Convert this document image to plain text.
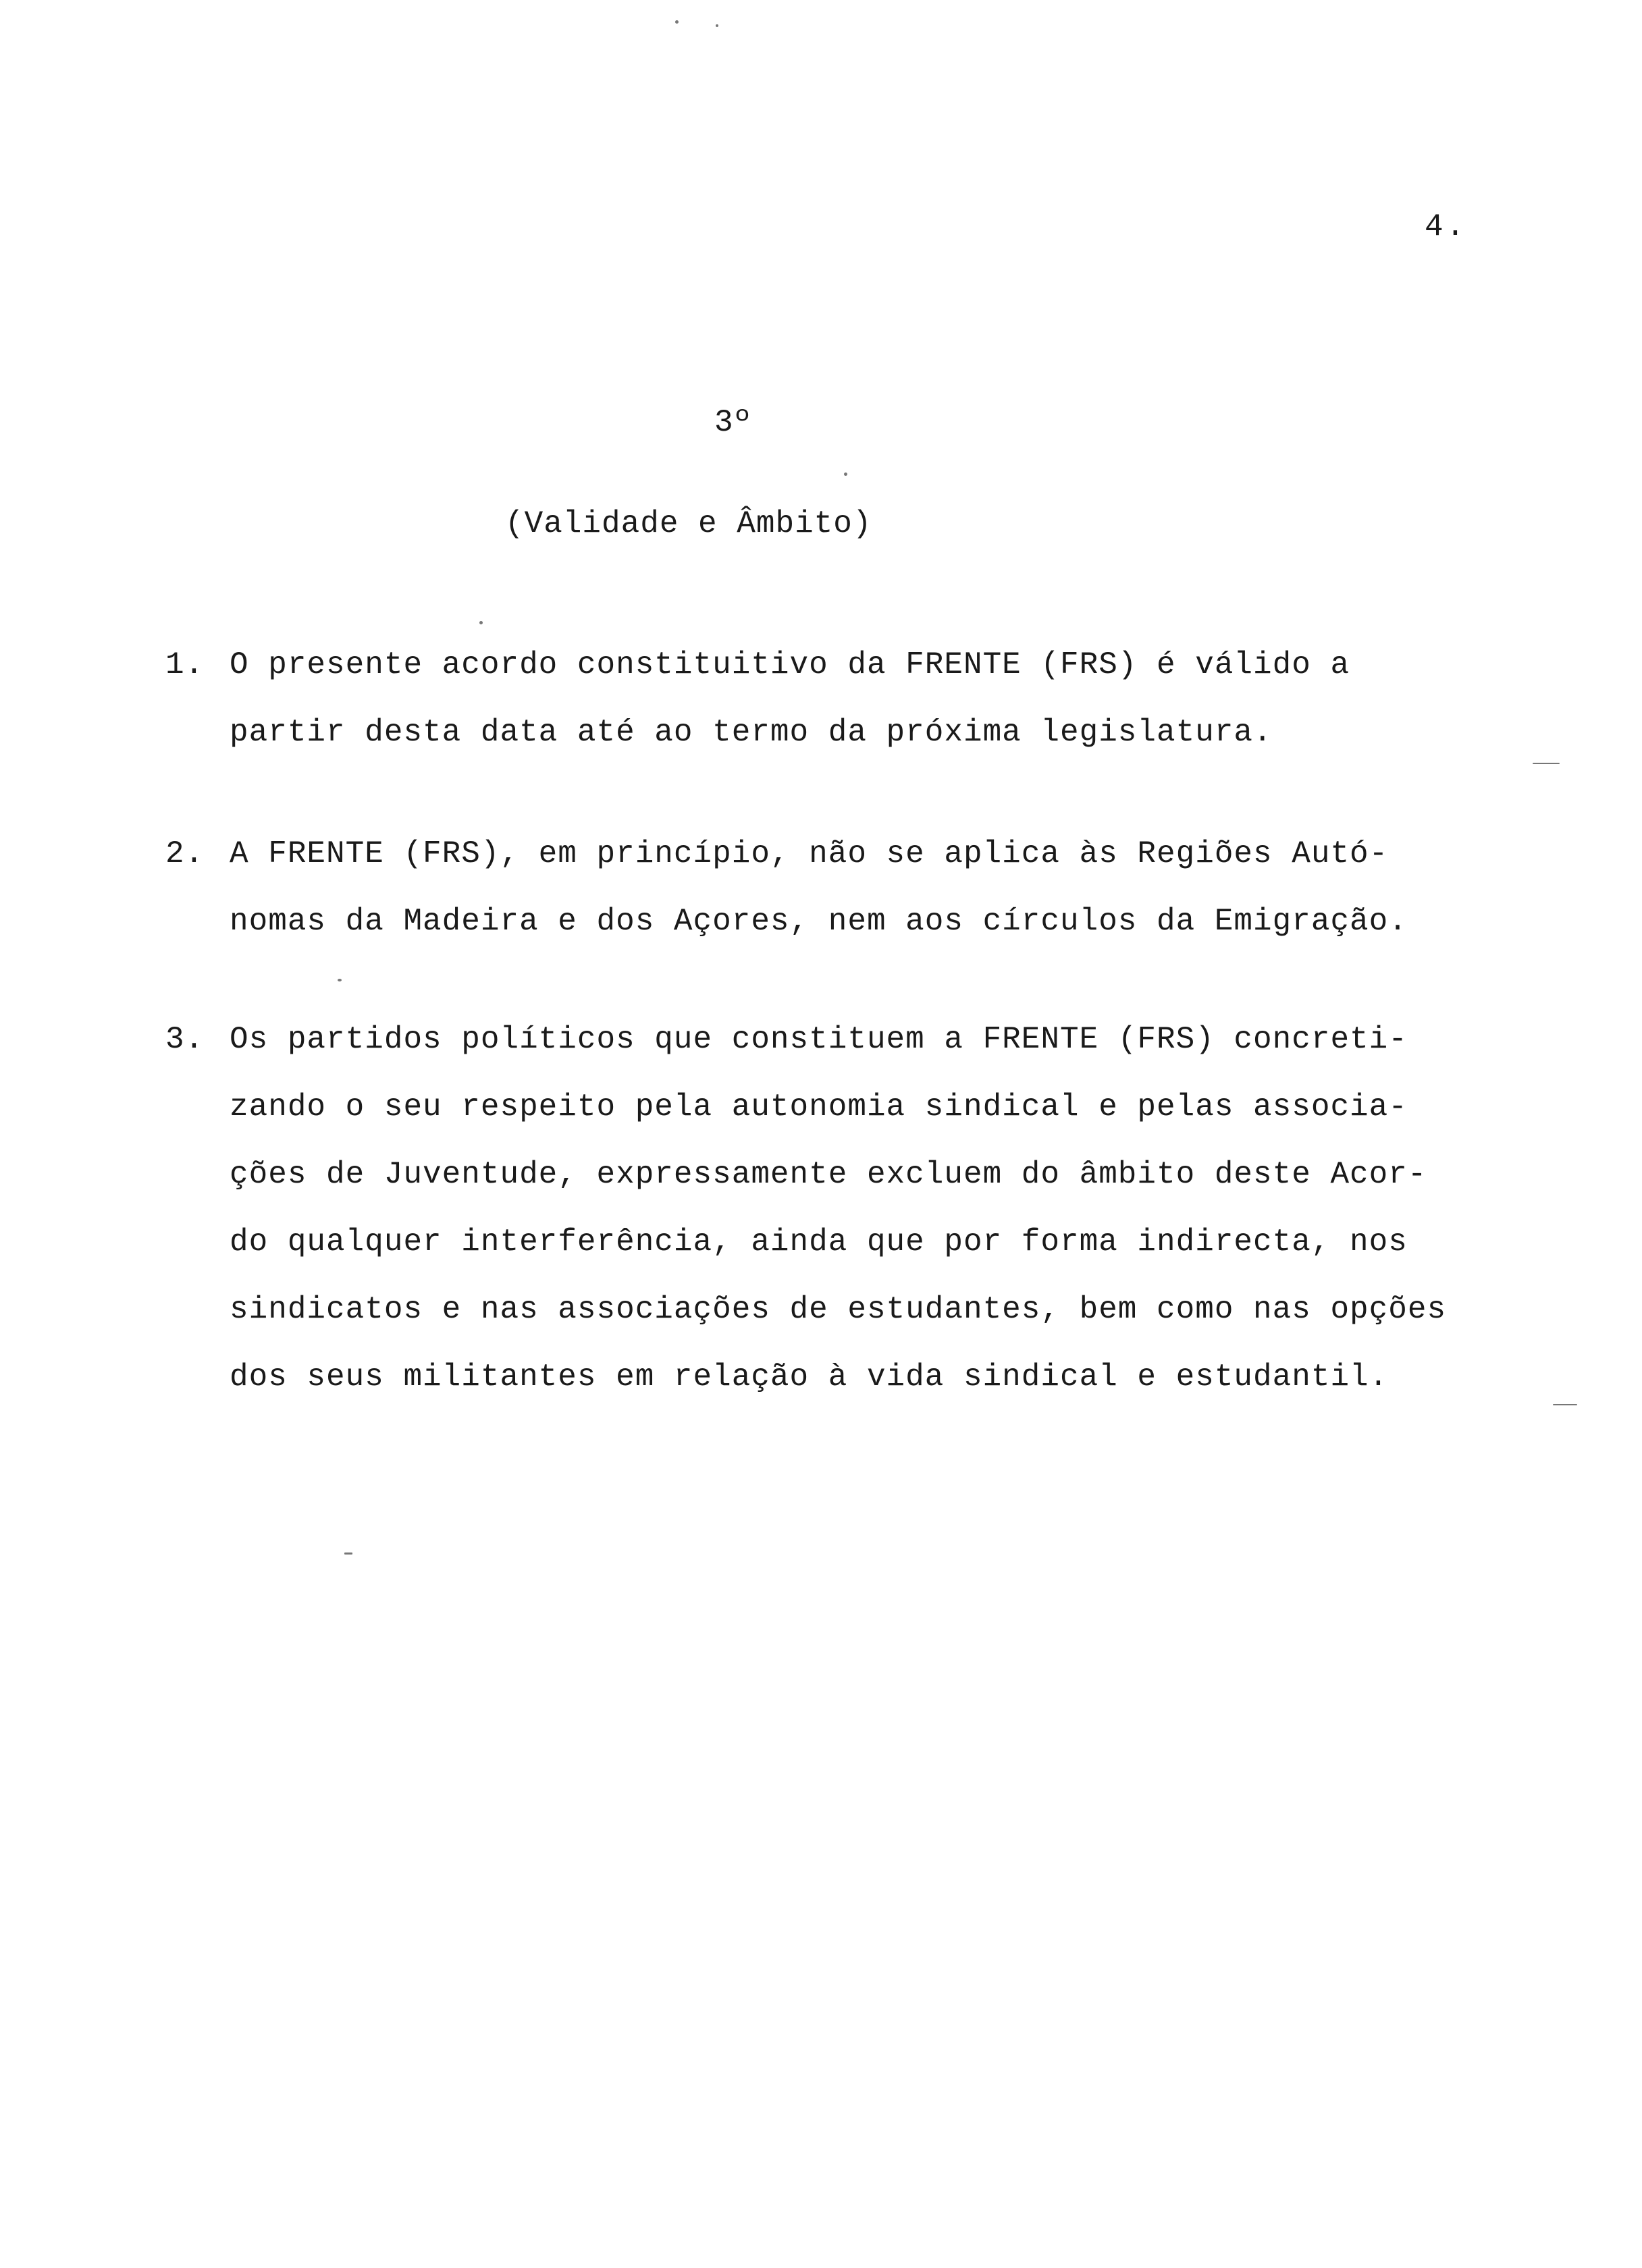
4.
3º
(Validade e Âmbito)
1. O presente acordo constituitivo da FRENTE (FRS) é válido a
partir desta data até ao termo da próxima legislatura.
2. A FRENTE (FRS), em princípio, não se aplica às Regiões Autó-
nomas da Madeira e dos Açores, nem aos círculos da Emigração.
3. Os partidos políticos que constituem a FRENTE (FRS) concreti-
zando o seu respeito pela autonomia sindical e pelas associa-
ções de Juventude, expressamente excluem do âmbito deste Acor-
do qualquer interferência, ainda que por forma indirecta, nos
sindicatos e nas associações de estudantes, bem como nas opções
dos seus militantes em relação à vida sindical e estudantil.
